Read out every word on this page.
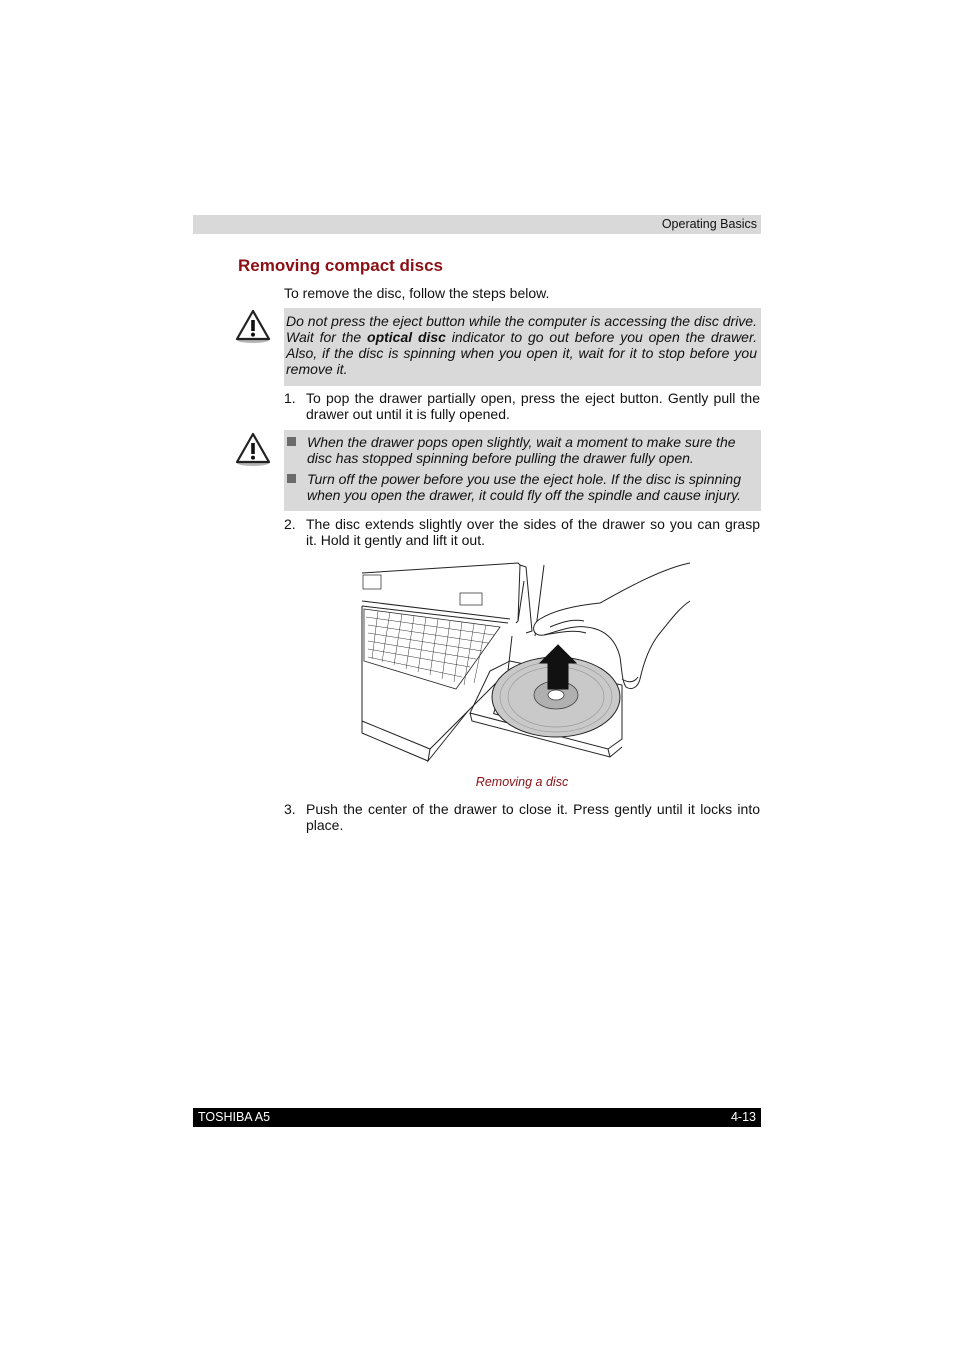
Operating Basics
Removing compact discs
To remove the disc, follow the steps below.
Do not press the eject button while the computer is accessing the disc drive. Wait for the optical disc indicator to go out before you open the drawer. Also, if the disc is spinning when you open it, wait for it to stop before you remove it.
1. To pop the drawer partially open, press the eject button. Gently pull the drawer out until it is fully opened.
When the drawer pops open slightly, wait a moment to make sure the disc has stopped spinning before pulling the drawer fully open.
Turn off the power before you use the eject hole. If the disc is spinning when you open the drawer, it could fly off the spindle and cause injury.
2. The disc extends slightly over the sides of the drawer so you can grasp it. Hold it gently and lift it out.
Removing a disc
3. Push the center of the drawer to close it. Press gently until it locks into place.
TOSHIBA A5	4-13
